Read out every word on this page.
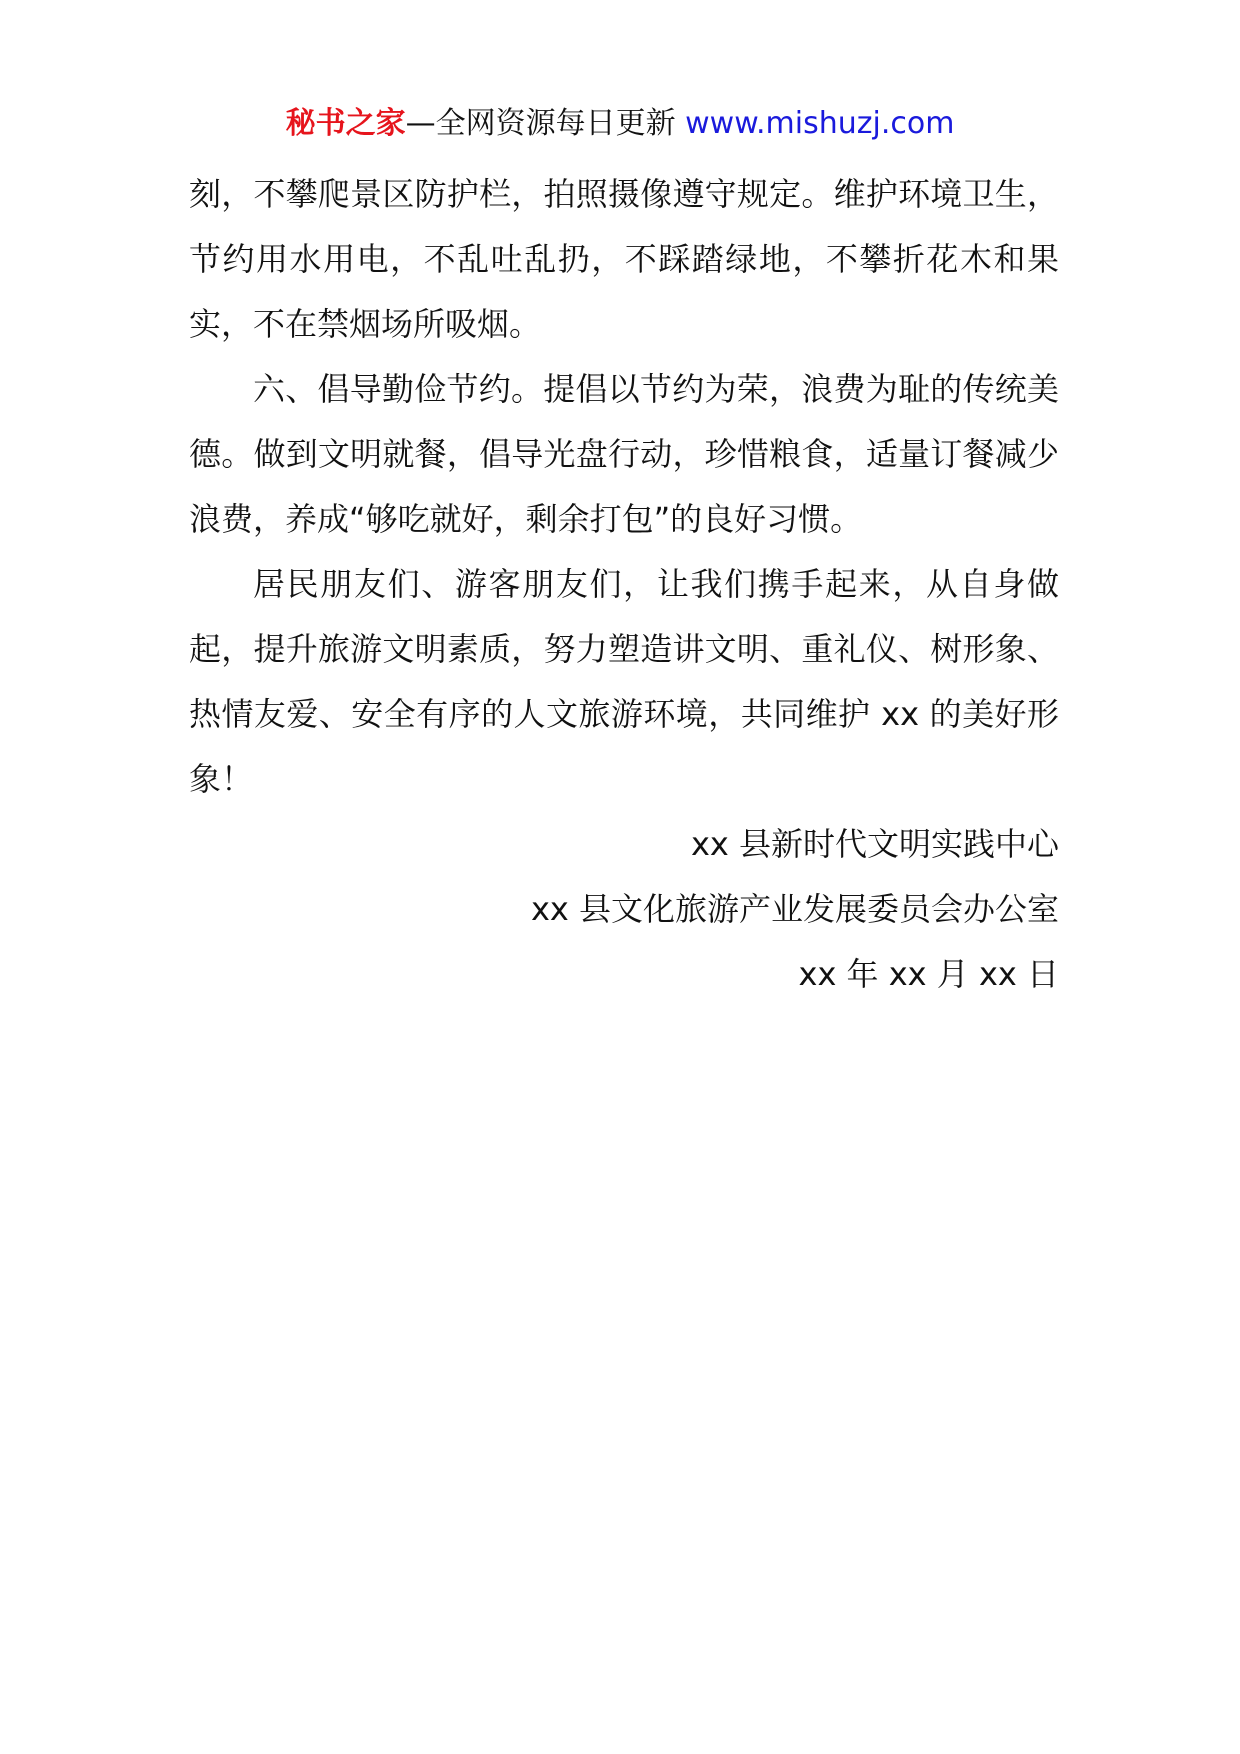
秘书之家—全网资源每日更新 www.mishuzj.com

刻，不攀爬景区防护栏，拍照摄像遵守规定。维护环境卫生，节约用水用电，不乱吐乱扔，不踩踏绿地，不攀折花木和果实，不在禁烟场所吸烟。

六、倡导勤俭节约。提倡以节约为荣，浪费为耻的传统美德。做到文明就餐，倡导光盘行动，珍惜粮食，适量订餐减少浪费，养成“够吃就好，剩余打包”的良好习惯。

居民朋友们、游客朋友们，让我们携手起来，从自身做起，提升旅游文明素质，努力塑造讲文明、重礼仪、树形象、热情友爱、安全有序的人文旅游环境，共同维护 xx 的美好形象！

xx 县新时代文明实践中心

xx 县文化旅游产业发展委员会办公室

xx 年 xx 月 xx 日
